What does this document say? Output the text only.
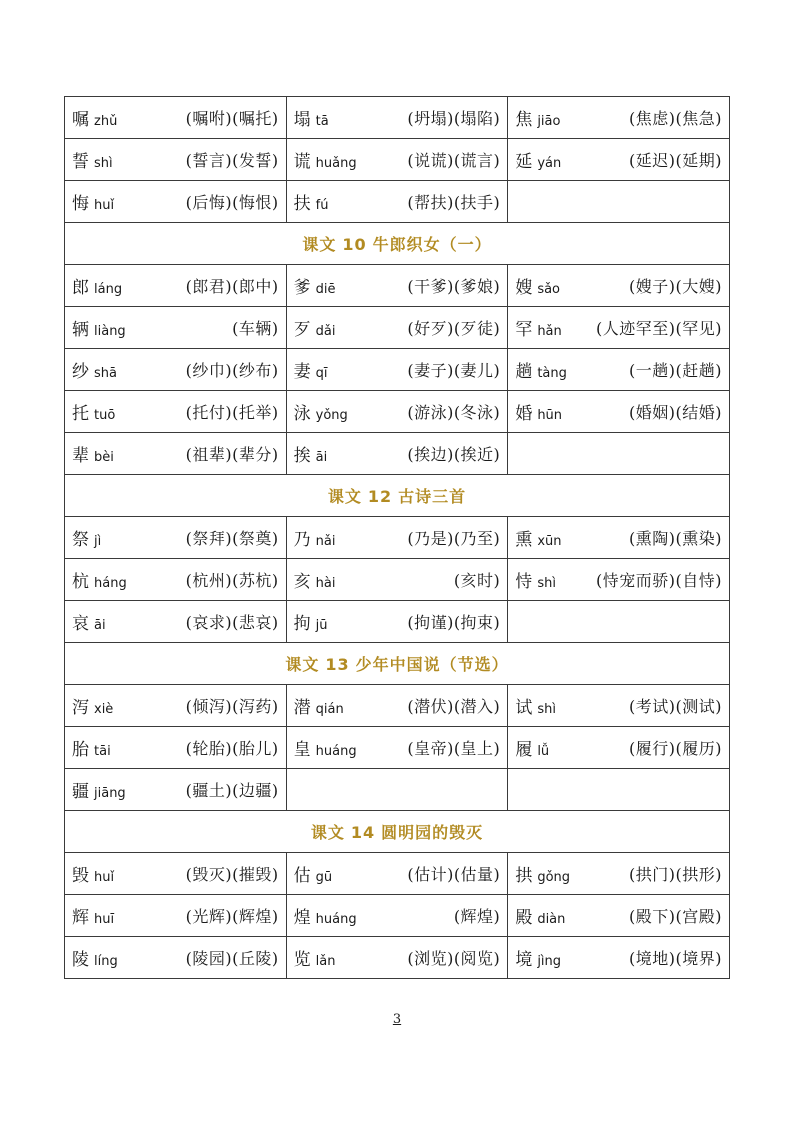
嘱 zhǔ (嘱咐)(嘱托)	塌 tā (坍塌)(塌陷)	焦 jiāo (焦虑)(焦急)

誓 shì (誓言)(发誓)	谎 huǎng (说谎)(谎言)	延 yán (延迟)(延期)

悔 huǐ (后悔)(悔恨)	扶 fú (帮扶)(扶手)	

课文 10 牛郎织女（一）		

郎 láng (郎君)(郎中)	爹 diē (干爹)(爹娘)	嫂 sǎo (嫂子)(大嫂)

辆 liàng (车辆)	歹 dǎi (好歹)(歹徒)	罕 hǎn (人迹罕至)(罕见)

纱 shā (纱巾)(纱布)	妻 qī (妻子)(妻儿)	趟 tàng (一趟)(赶趟)

托 tuō (托付)(托举)	泳 yǒng (游泳)(冬泳)	婚 hūn (婚姻)(结婚)

辈 bèi (祖辈)(辈分)	挨 āi (挨边)(挨近)	

课文 12 古诗三首		

祭 jì (祭拜)(祭奠)	乃 nǎi (乃是)(乃至)	熏 xūn (熏陶)(熏染)

杭 háng (杭州)(苏杭)	亥 hài (亥时)	恃 shì (恃宠而骄)(自恃)

哀 āi (哀求)(悲哀)	拘 jū (拘谨)(拘束)	

课文 13 少年中国说（节选）		

泻 xiè (倾泻)(泻药)	潜 qián (潜伏)(潜入)	试 shì (考试)(测试)

胎 tāi (轮胎)(胎儿)	皇 huáng (皇帝)(皇上)	履 lǚ (履行)(履历)

疆 jiāng (疆土)(边疆)		

课文 14 圆明园的毁灭		

毁 huǐ (毁灭)(摧毁)	估 gū (估计)(估量)	拱 gǒng (拱门)(拱形)

辉 huī (光辉)(辉煌)	煌 huáng (辉煌)	殿 diàn (殿下)(宫殿)

陵 líng (陵园)(丘陵)	览 lǎn (浏览)(阅览)	境 jìng (境地)(境界)
3
